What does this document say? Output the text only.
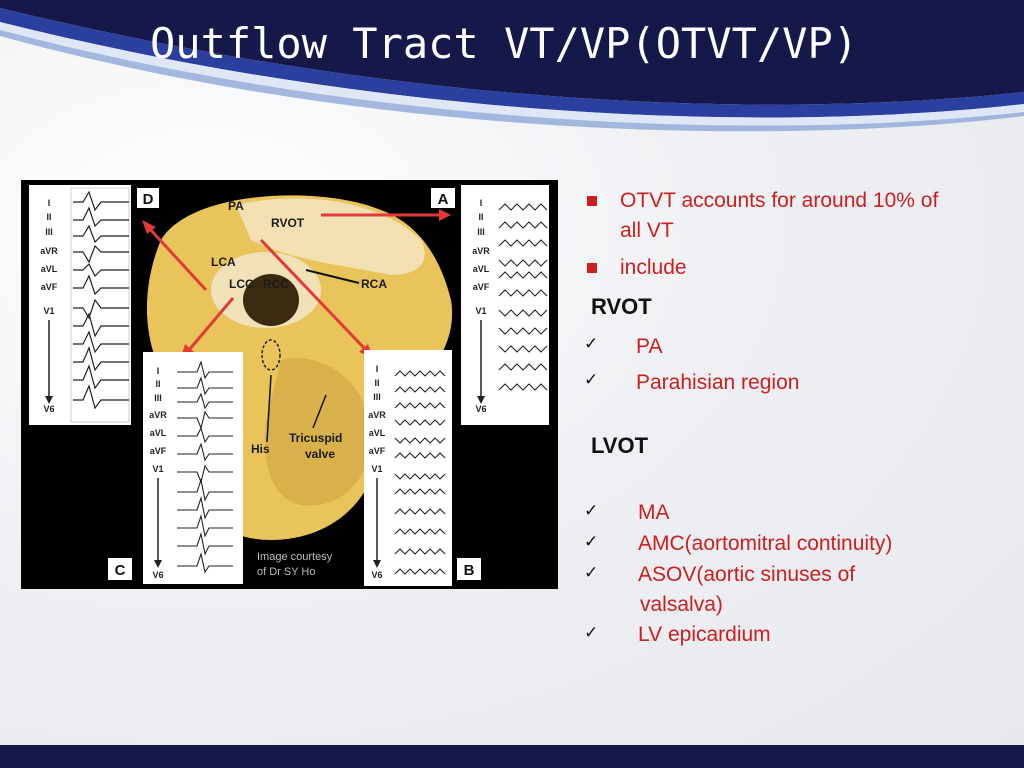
Outflow Tract VT/VP(OTVT/VP)
PA
RVOT
LCA
LCC RCC	RCA
His
Tricuspid
valve
I
II
III
aVR
aVL
aVF
V1
V6
D	I
II
III
aVR
aVL
aVF
V1
V6
A
I
II
III
aVR
aVL
aVF
V1
V6
C
I
II
III
aVR
aVL
aVF
V1
V6	B
Image courtesy
of Dr SY Ho
OTVT accounts for around 10% of
all VT
include
RVOT
✓ PA
✓ Parahisian region
LVOT
✓ MA
✓ AMC(aortomitral continuity)
✓ ASOV(aortic sinuses of
valsalva)
✓ LV epicardium
